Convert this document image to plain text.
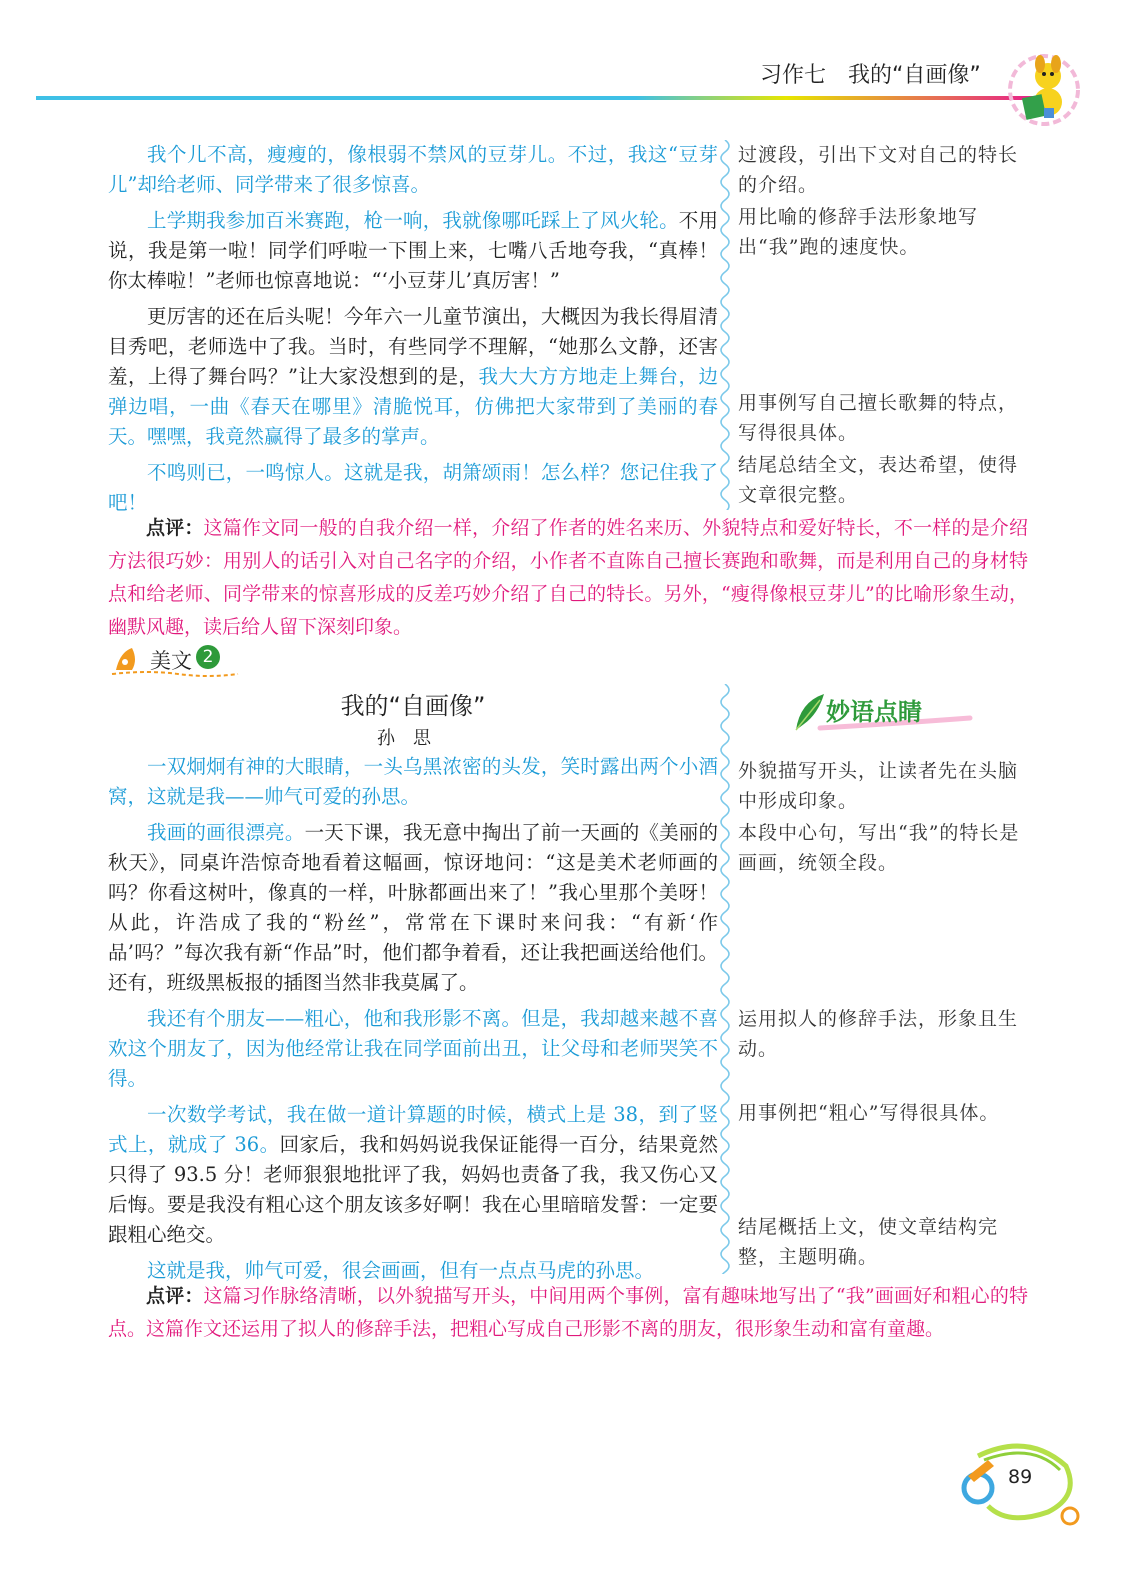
习作七　我的“自画像”

我个儿不高，瘦瘦的，像根弱不禁风的豆芽儿。不过，我这“豆芽儿”却给老师、同学带来了很多惊喜。

上学期我参加百米赛跑，枪一响，我就像哪吒踩上了风火轮。不用说，我是第一啦！同学们呼啦一下围上来，七嘴八舌地夸我，“真棒！你太棒啦！”老师也惊喜地说：“‘小豆芽儿’真厉害！”

更厉害的还在后头呢！今年六一儿童节演出，大概因为我长得眉清目秀吧，老师选中了我。当时，有些同学不理解，“她那么文静，还害羞，上得了舞台吗？”让大家没想到的是，我大大方方地走上舞台，边弹边唱，一曲《春天在哪里》清脆悦耳，仿佛把大家带到了美丽的春天。嘿嘿，我竟然赢得了最多的掌声。

不鸣则已，一鸣惊人。这就是我，胡箫颂雨！怎么样？您记住我了吧！

过渡段，引出下文对自己的特长的介绍。
用比喻的修辞手法形象地写出“我”跑的速度快。
用事例写自己擅长歌舞的特点，写得很具体。
结尾总结全文，表达希望，使得文章很完整。
点评：这篇作文同一般的自我介绍一样，介绍了作者的姓名来历、外貌特点和爱好特长，不一样的是介绍方法很巧妙：用别人的话引入对自己名字的介绍，小作者不直陈自己擅长赛跑和歌舞，而是利用自己的身材特点和给老师、同学带来的惊喜形成的反差巧妙介绍了自己的特长。另外，“瘦得像根豆芽儿”的比喻形象生动，幽默风趣，读后给人留下深刻印象。
美文 2
我的“自画像”
孙思
妙语点睛

一双炯炯有神的大眼睛，一头乌黑浓密的头发，笑时露出两个小酒窝，这就是我——帅气可爱的孙思。

我画的画很漂亮。一天下课，我无意中掏出了前一天画的《美丽的秋天》，同桌许浩惊奇地看着这幅画，惊讶地问：“这是美术老师画的吗？你看这树叶，像真的一样，叶脉都画出来了！”我心里那个美呀！从此，许浩成了我的“粉丝”，常常在下课时来问我：“有新‘作品’吗？”每次我有新“作品”时，他们都争着看，还让我把画送给他们。还有，班级黑板报的插图当然非我莫属了。

我还有个朋友——粗心，他和我形影不离。但是，我却越来越不喜欢这个朋友了，因为他经常让我在同学面前出丑，让父母和老师哭笑不得。

一次数学考试，我在做一道计算题的时候，横式上是 38，到了竖式上，就成了 36。回家后，我和妈妈说我保证能得一百分，结果竟然只得了 93.5 分！老师狠狠地批评了我，妈妈也责备了我，我又伤心又后悔。要是我没有粗心这个朋友该多好啊！我在心里暗暗发誓：一定要跟粗心绝交。

这就是我，帅气可爱，很会画画，但有一点点马虎的孙思。

外貌描写开头，让读者先在头脑中形成印象。
本段中心句，写出“我”的特长是画画，统领全段。
运用拟人的修辞手法，形象且生动。
用事例把“粗心”写得很具体。
结尾概括上文，使文章结构完整，主题明确。
点评：这篇习作脉络清晰，以外貌描写开头，中间用两个事例，富有趣味地写出了“我”画画好和粗心的特点。这篇作文还运用了拟人的修辞手法，把粗心写成自己形影不离的朋友，很形象生动和富有童趣。
89
